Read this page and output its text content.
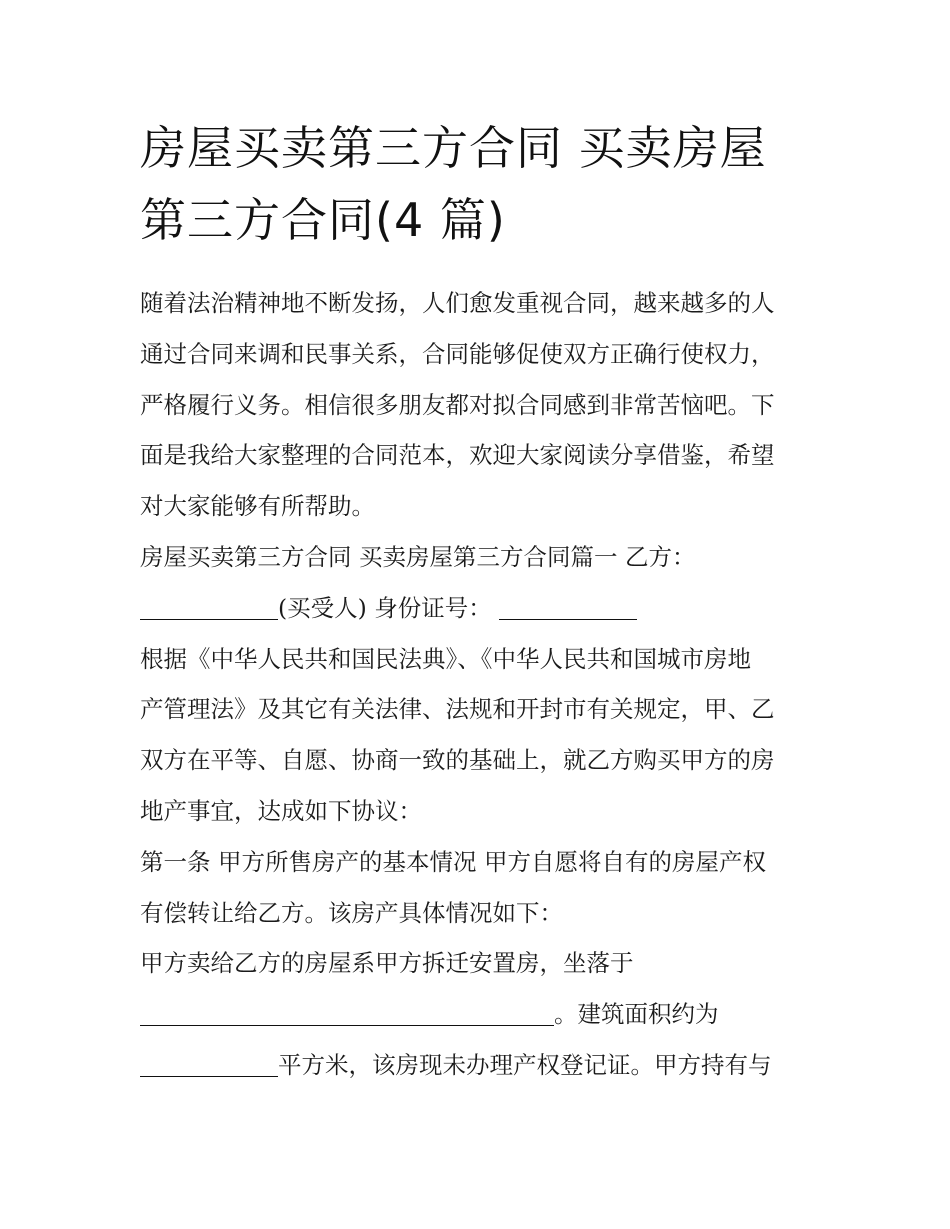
房屋买卖第三方合同 买卖房屋
第三方合同(4 篇)
随着法治精神地不断发扬，人们愈发重视合同，越来越多的人
通过合同来调和民事关系，合同能够促使双方正确行使权力，
严格履行义务。相信很多朋友都对拟合同感到非常苦恼吧。下
面是我给大家整理的合同范本，欢迎大家阅读分享借鉴，希望
对大家能够有所帮助。
房屋买卖第三方合同 买卖房屋第三方合同篇一 乙方：
(买受人) 身份证号：
根据《中华人民共和国民法典》、《中华人民共和国城市房地
产管理法》及其它有关法律、法规和开封市有关规定，甲、乙
双方在平等、自愿、协商一致的基础上，就乙方购买甲方的房
地产事宜，达成如下协议：
第一条 甲方所售房产的基本情况 甲方自愿将自有的房屋产权
有偿转让给乙方。该房产具体情况如下：
甲方卖给乙方的房屋系甲方拆迁安置房，坐落于
。建筑面积约为
平方米，该房现未办理产权登记证。甲方持有与
